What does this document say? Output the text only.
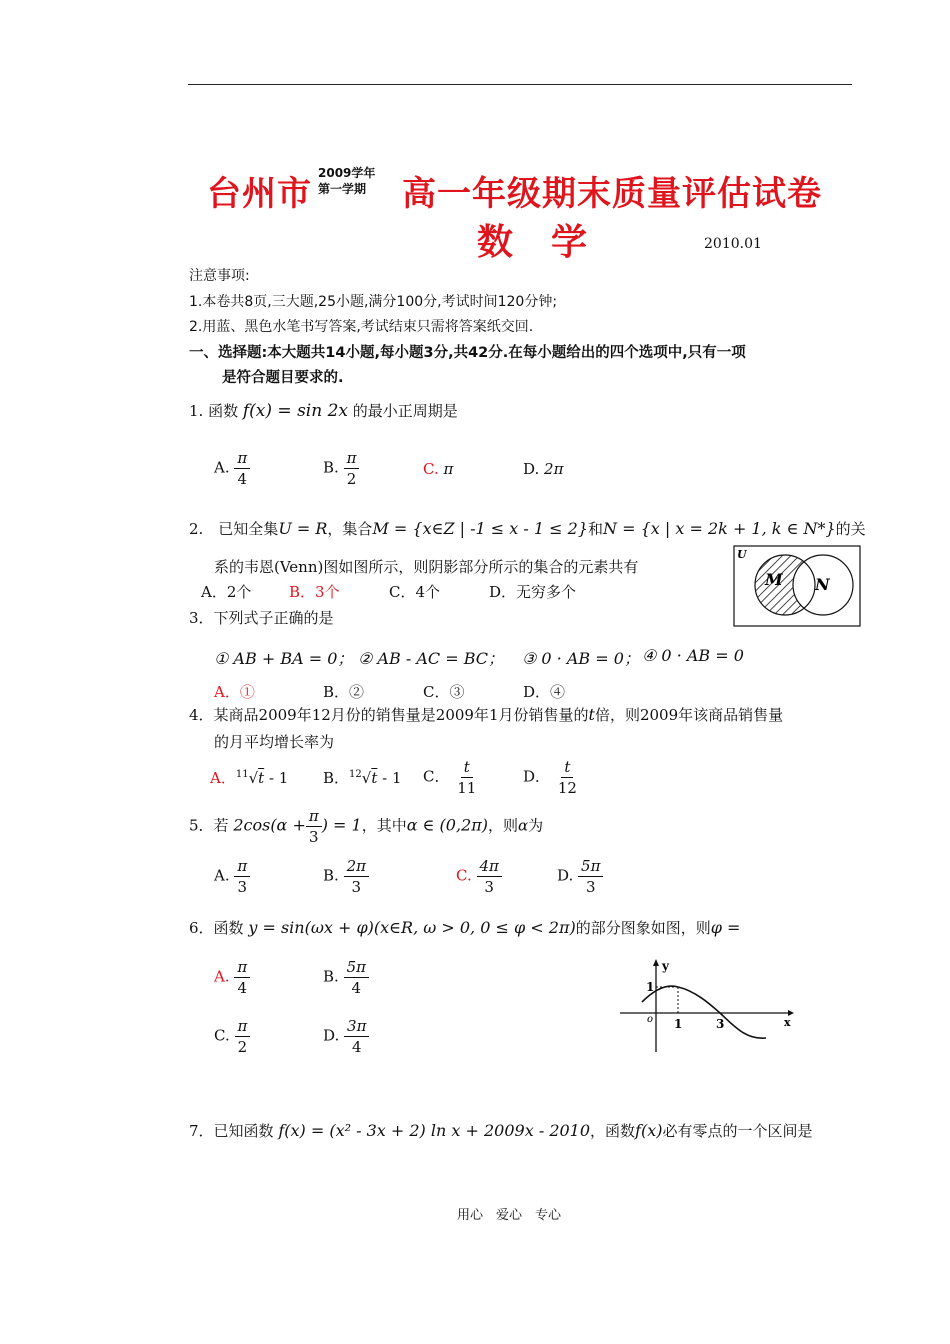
台州市
2009学年
第一学期 高一年级期末质量评估试卷
数　学	2010.01
注意事项:
1.本卷共8页,三大题,25小题,满分100分,考试时间120分钟;
2.用蓝、黑色水笔书写答案,考试结束只需将答案纸交回.
一、选择题:本大题共14小题,每小题3分,共42分.在每小题给出的四个选项中,只有一项
是符合题目要求的.
1. 函数 f(x) = sin 2x 的最小正周期是
A. $\frac{\pi}{4}$	B. $\frac{\pi}{2}$	C. π	D. 2π
2.　已知全集U = R，集合M = {x∈Z | -1 ≤ x - 1 ≤ 2}和N = {x | x = 2k + 1, k ∈ N*}的关
系的韦恩(Venn)图如图所示，则阴影部分所示的集合的元素共有
A．2个	B．3个	C．4个	D．无穷多个
U
M N
3．下列式子正确的是
① AB + BA = 0； ② AB - AC = BC； ③ 0 · AB = 0； ④ 0 · AB = 0
A．①	B．②	C．③	D．④
4．某商品2009年12月份的销售量是2009年1月份销售量的t倍，则2009年该商品销售量
的月平均增长率为
A．$^{11}$√t - 1 B．$^{12}$√t - 1 C． $\frac{t}{11}$	D． $\frac{t}{12}$
5．若 $2\cos(\alpha + \frac{\pi}{3}$ ) = 1，其中α ∈ (0,2π)，则α为
A. $\frac{\pi}{3}$	B. $\frac{2\pi}{3}$	C. $\frac{4\pi}{3}$	D. $\frac{5\pi}{3}$
6．函数 y = sin(ωx + φ)(x∈R, ω > 0, 0 ≤ φ < 2π)的部分图象如图，则φ =
A. $\frac{\pi}{4}$	B. $\frac{5\pi}{4}$
C. $\frac{\pi}{2}$	D. $\frac{3\pi}{4}$
y
x
o
1
1	3
7．已知函数 f(x) = (x² - 3x + 2) ln x + 2009x - 2010，函数f(x)必有零点的一个区间是
用心　爱心　专心
